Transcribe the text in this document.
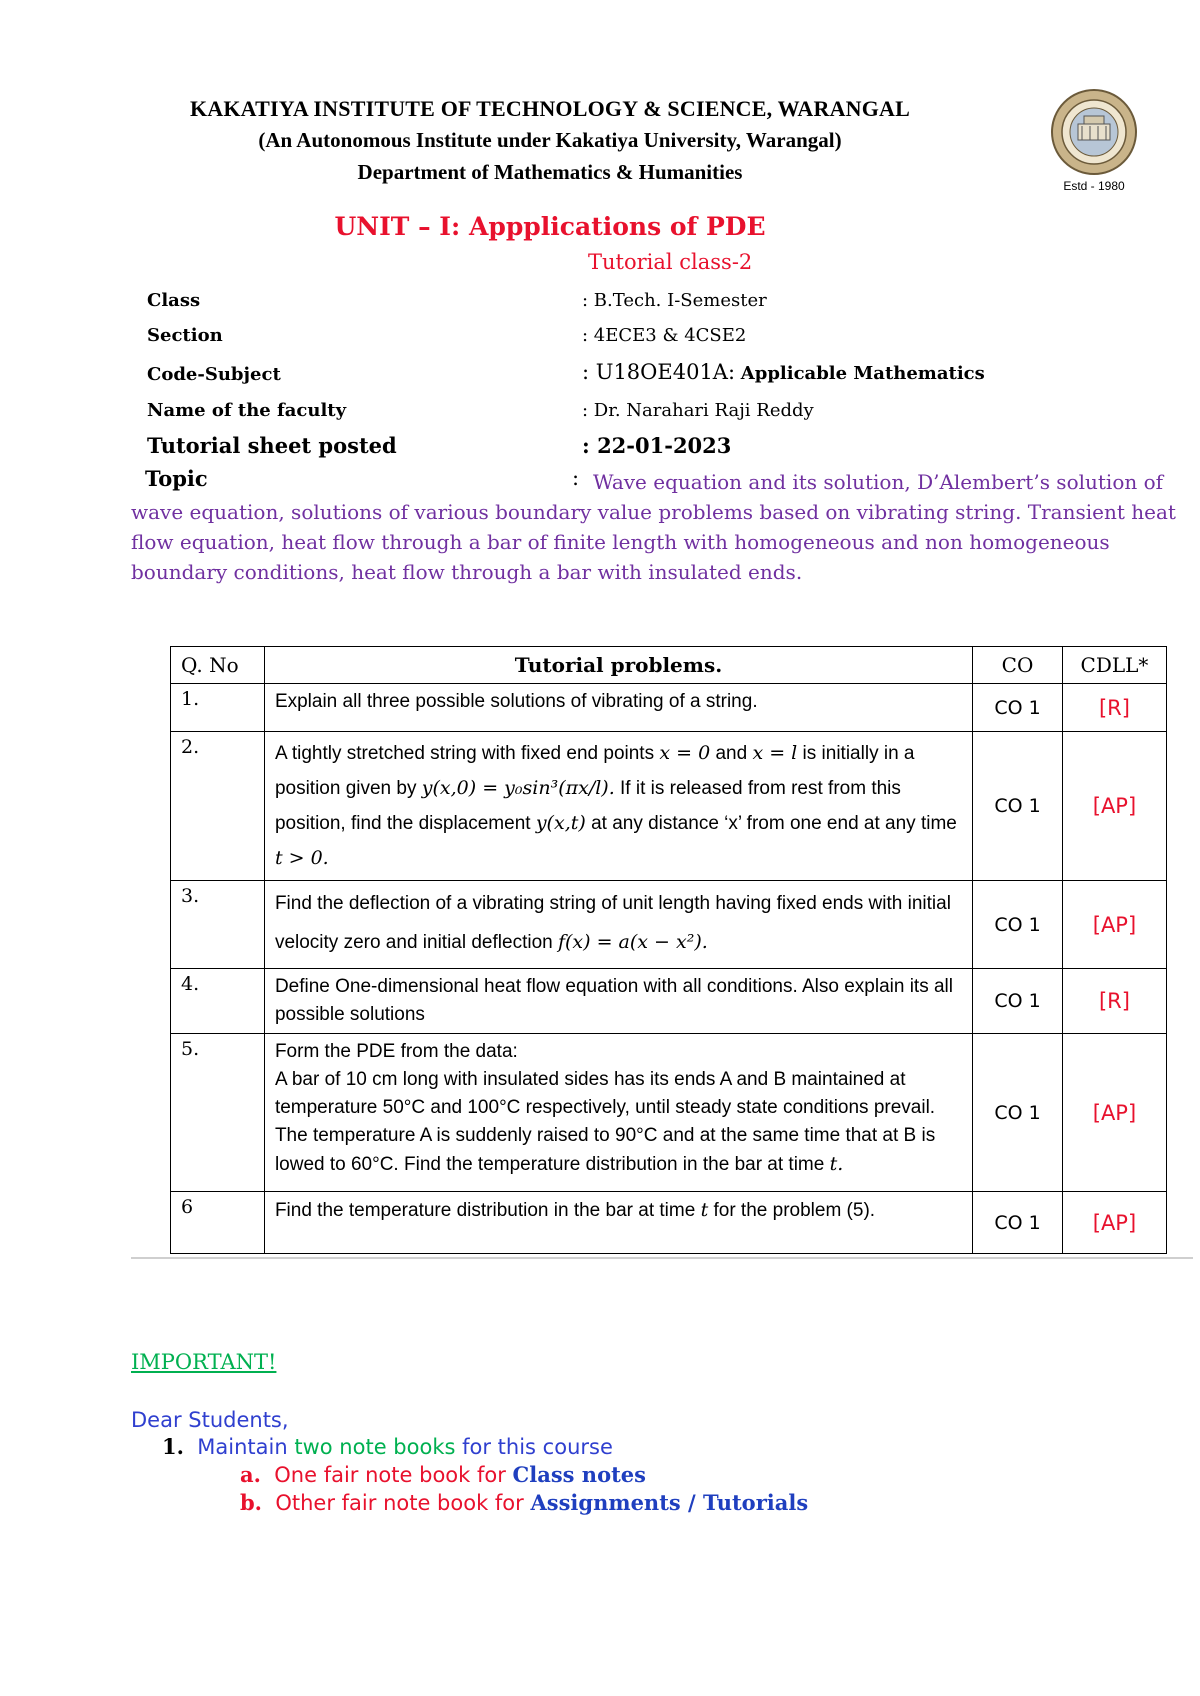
KAKATIYA INSTITUTE OF TECHNOLOGY & SCIENCE, WARANGAL
(An Autonomous Institute under Kakatiya University, Warangal)
Department of Mathematics & Humanities
Estd - 1980
UNIT – I: Appplications of PDE
Tutorial class-2
Class	: B.Tech. I-Semester
Section	: 4ECE3 & 4CSE2
Code-Subject	: U18OE401A: Applicable Mathematics
Name of the faculty	: Dr. Narahari Raji Reddy
Tutorial sheet posted	: 22-01-2023
Topic	: Wave equation and its solution, D’Alembert’s solution of wave equation, solutions of various boundary value problems based on vibrating string. Transient heat flow equation, heat flow through a bar of finite length with homogeneous and non homogeneous boundary conditions, heat flow through a bar with insulated ends.
Q. No	Tutorial problems.	CO	CDLL*
1.	Explain all three possible solutions of vibrating of a string.	CO 1	[R]
2.	A tightly stretched string with fixed end points x = 0 and x = l is initially in a position given by y(x,0) = y₀sin³(πx/l). If it is released from rest from this position, find the displacement y(x,t) at any distance ‘x’ from one end at any time t > 0.	CO 1	[AP]
3.	Find the deflection of a vibrating string of unit length having fixed ends with initial velocity zero and initial deflection f(x) = a(x − x²).	CO 1	[AP]
4.	Define One-dimensional heat flow equation with all conditions. Also explain its all possible solutions	CO 1	[R]
5.	Form the PDE from the data:
A bar of 10 cm long with insulated sides has its ends A and B maintained at temperature 50°C and 100°C respectively, until steady state conditions prevail. The temperature A is suddenly raised to 90°C and at the same time that at B is lowed to 60°C. Find the temperature distribution in the bar at time t.	CO 1	[AP]
6	Find the temperature distribution in the bar at time t for the problem (5).	CO 1	[AP]
IMPORTANT!
Dear Students,
1. Maintain two note books for this course
a. One fair note book for Class notes
b. Other fair note book for Assignments / Tutorials
